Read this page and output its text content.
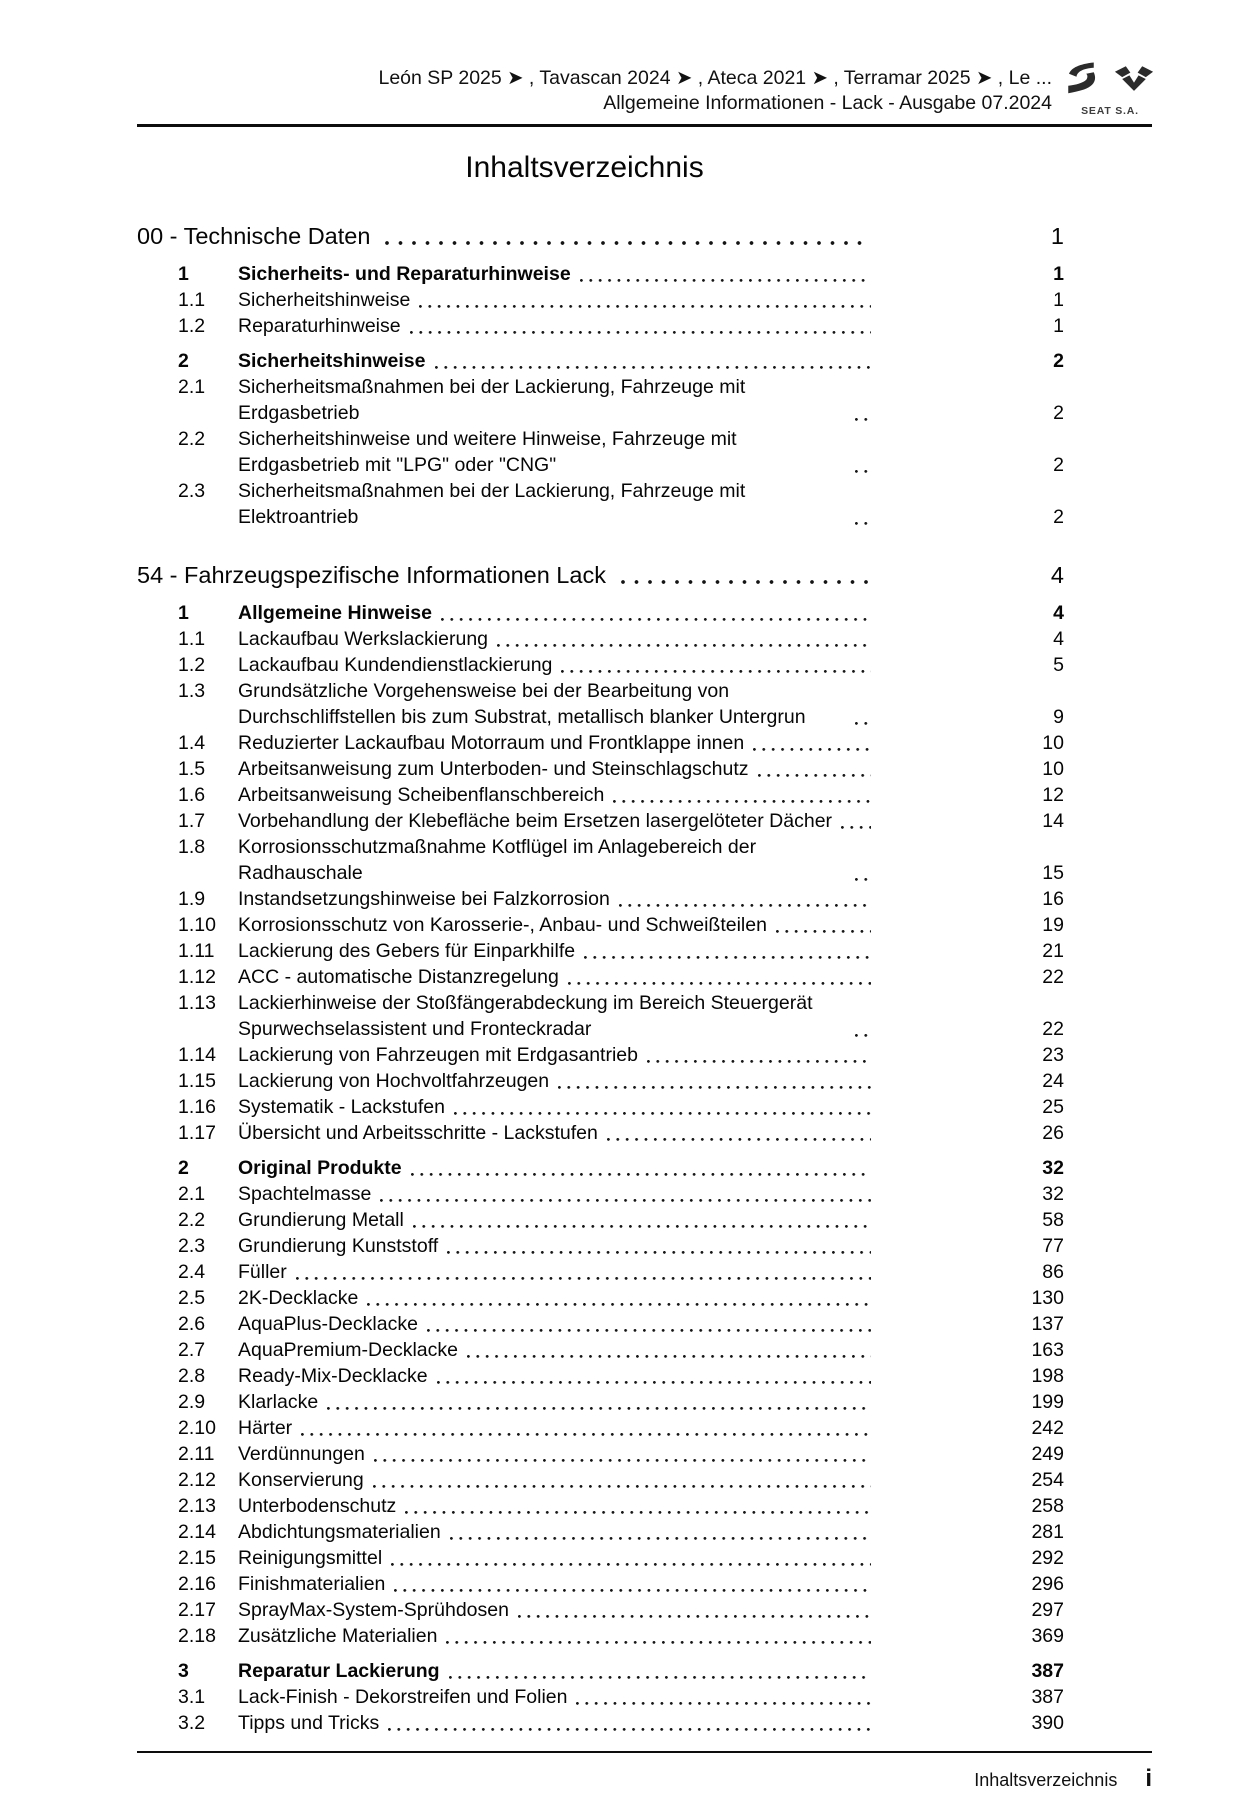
León SP 2025 ➤ , Tavascan 2024 ➤ , Ateca 2021 ➤ , Terramar 2025 ➤ , Le ...
Allgemeine Informationen - Lack - Ausgabe 07.2024	SEAT S.A.
Inhaltsverzeichnis
00 - Technische Daten	1
1	Sicherheits- und Reparaturhinweise	1
1.1	Sicherheitshinweise	1
1.2	Reparaturhinweise	1
2	Sicherheitshinweise	2
2.1	Sicherheitsmaßnahmen bei der Lackierung, Fahrzeuge mit Erdgasbetrieb	2
2.2	Sicherheitshinweise und weitere Hinweise, Fahrzeuge mit Erdgasbetrieb mit "LPG" oder "CNG"	2
2.3	Sicherheitsmaßnahmen bei der Lackierung, Fahrzeuge mit Elektroantrieb	2
54 - Fahrzeugspezifische Informationen Lack	4
1	Allgemeine Hinweise	4
1.1	Lackaufbau Werkslackierung	4
1.2	Lackaufbau Kundendienstlackierung	5
1.3	Grundsätzliche Vorgehensweise bei der Bearbeitung von Durchschliffstellen bis zum Substrat, metallisch blanker Untergrun	9
1.4	Reduzierter Lackaufbau Motorraum und Frontklappe innen	10
1.5	Arbeitsanweisung zum Unterboden- und Steinschlagschutz	10
1.6	Arbeitsanweisung Scheibenflanschbereich	12
1.7	Vorbehandlung der Klebefläche beim Ersetzen lasergelöteter Dächer	14
1.8	Korrosionsschutzmaßnahme Kotflügel im Anlagebereich der Radhauschale	15
1.9	Instandsetzungshinweise bei Falzkorrosion	16
1.10	Korrosionsschutz von Karosserie-, Anbau- und Schweißteilen	19
1.11	Lackierung des Gebers für Einparkhilfe	21
1.12	ACC - automatische Distanzregelung	22
1.13	Lackierhinweise der Stoßfängerabdeckung im Bereich Steuergerät Spurwechselassistent und Fronteckradar	22
1.14	Lackierung von Fahrzeugen mit Erdgasantrieb	23
1.15	Lackierung von Hochvoltfahrzeugen	24
1.16	Systematik - Lackstufen	25
1.17	Übersicht und Arbeitsschritte - Lackstufen	26
2	Original Produkte	32
2.1	Spachtelmasse	32
2.2	Grundierung Metall	58
2.3	Grundierung Kunststoff	77
2.4	Füller	86
2.5	2K-Decklacke	130
2.6	AquaPlus-Decklacke	137
2.7	AquaPremium-Decklacke	163
2.8	Ready-Mix-Decklacke	198
2.9	Klarlacke	199
2.10	Härter	242
2.11	Verdünnungen	249
2.12	Konservierung	254
2.13	Unterbodenschutz	258
2.14	Abdichtungsmaterialien	281
2.15	Reinigungsmittel	292
2.16	Finishmaterialien	296
2.17	SprayMax-System-Sprühdosen	297
2.18	Zusätzliche Materialien	369
3	Reparatur Lackierung	387
3.1	Lack-Finish - Dekorstreifen und Folien	387
3.2	Tipps und Tricks	390
Inhaltsverzeichnis i
